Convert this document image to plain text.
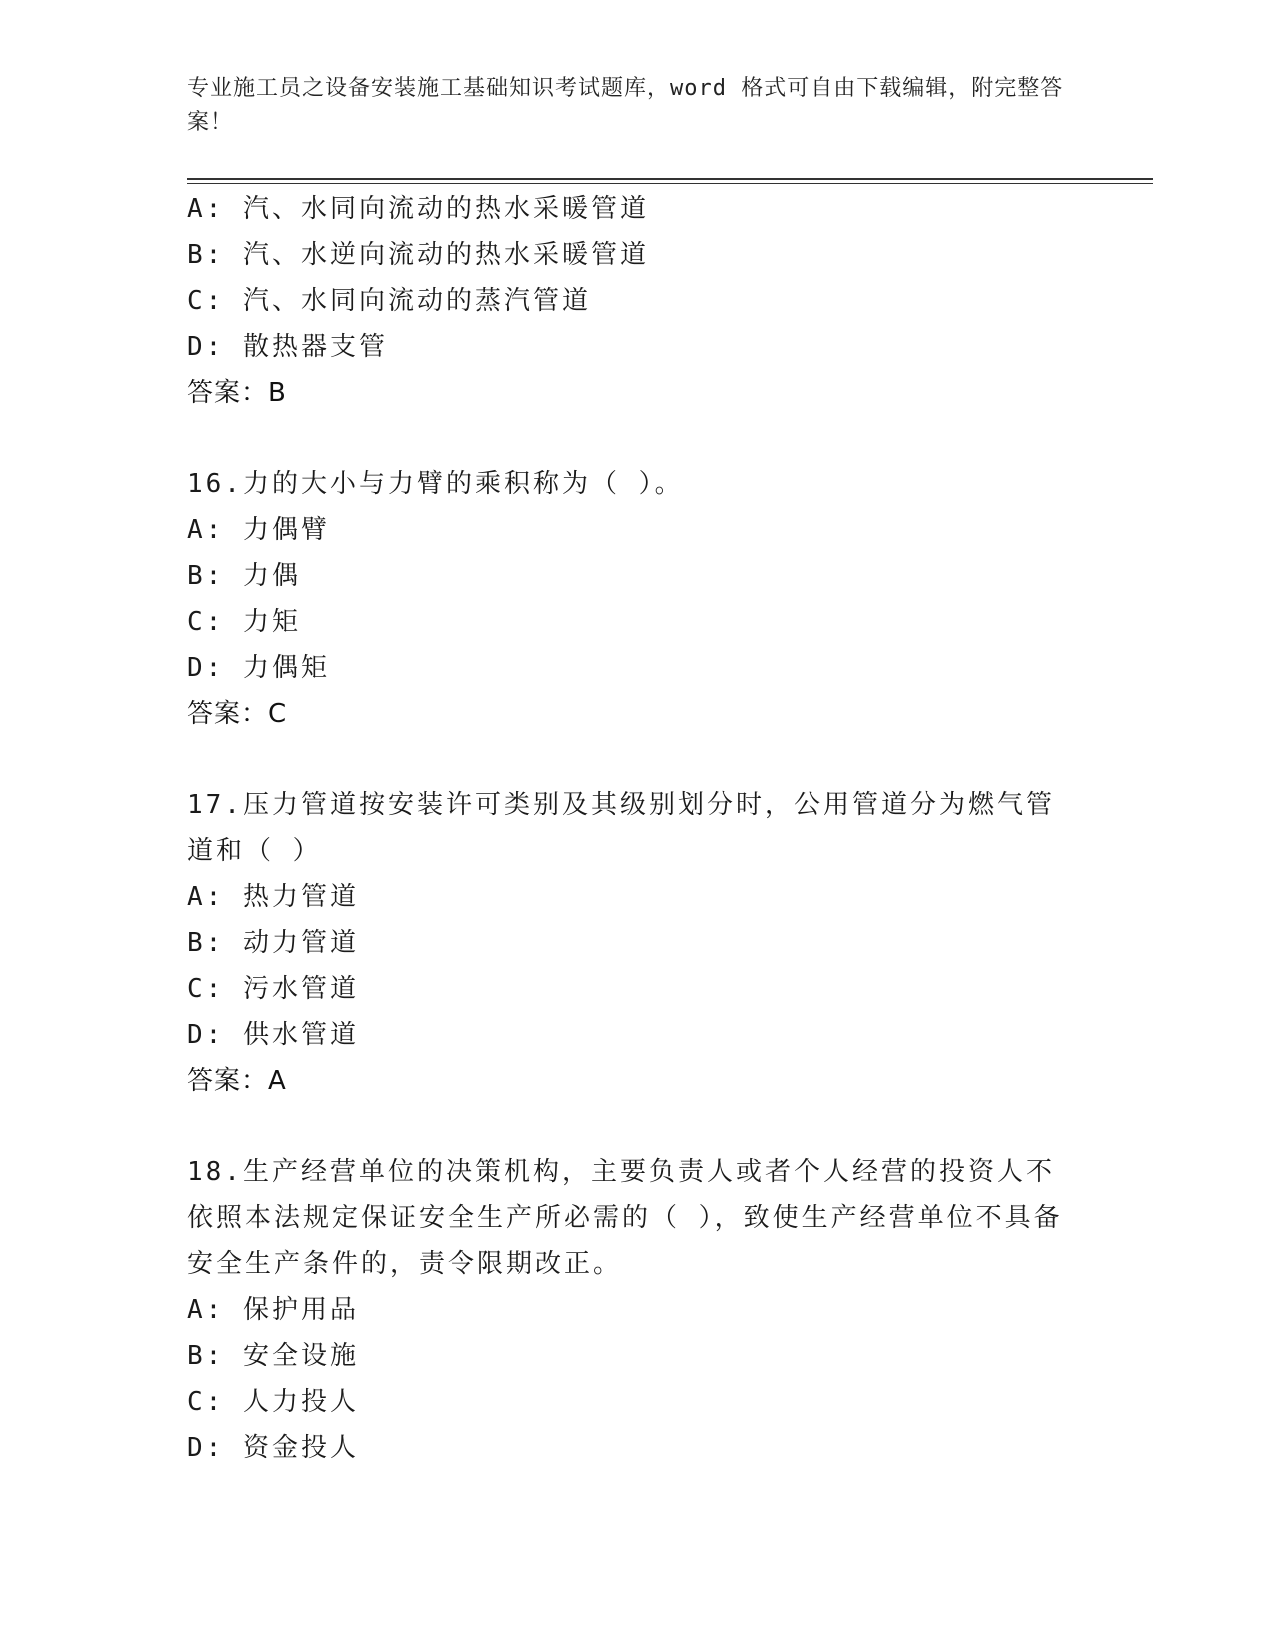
专业施工员之设备安装施工基础知识考试题库，word 格式可自由下载编辑，附完整答案！
A: 汽、水同向流动的热水采暖管道
B: 汽、水逆向流动的热水采暖管道
C: 汽、水同向流动的蒸汽管道
D: 散热器支管
答案：B
16.力的大小与力臂的乘积称为（ ）。
A: 力偶臂
B: 力偶
C: 力矩
D: 力偶矩
答案：C
17.压力管道按安装许可类别及其级别划分时，公用管道分为燃气管道和（ ）
A: 热力管道
B: 动力管道
C: 污水管道
D: 供水管道
答案：A
18.生产经营单位的决策机构，主要负责人或者个人经营的投资人不依照本法规定保证安全生产所必需的（ ），致使生产经营单位不具备安全生产条件的，责令限期改正。
A: 保护用品
B: 安全设施
C: 人力投人
D: 资金投人
